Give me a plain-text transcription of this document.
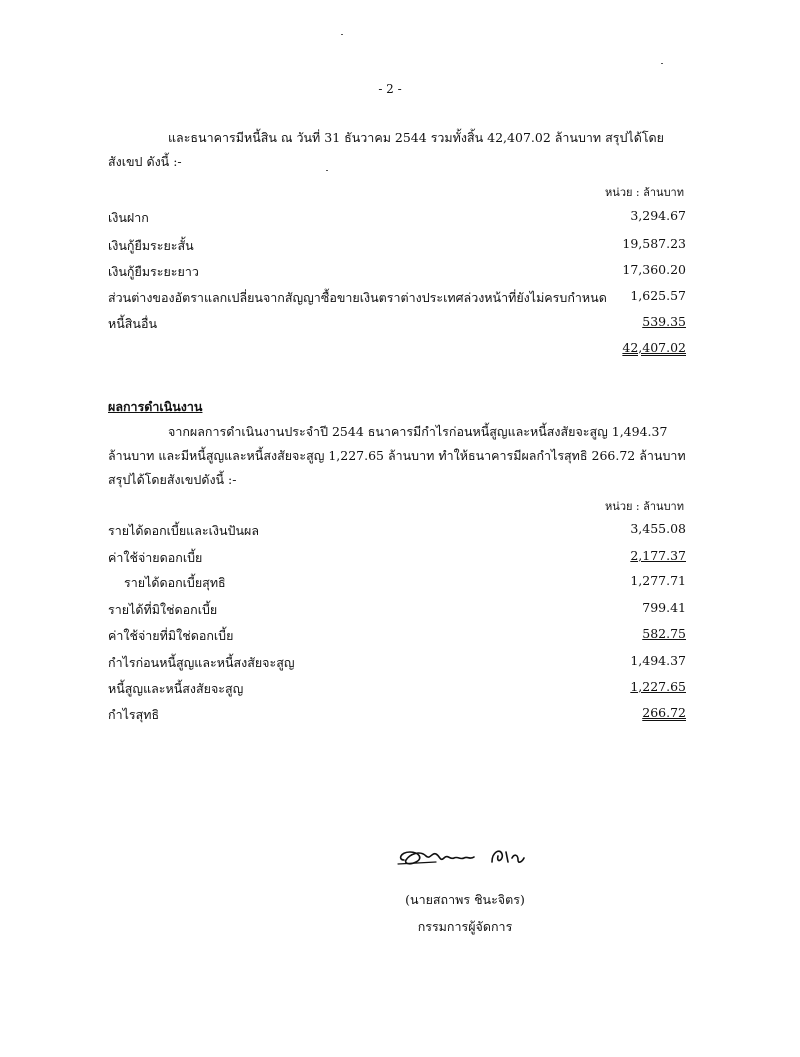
- 2 -
และธนาคารมีหนี้สิน ณ วันที่ 31 ธันวาคม 2544 รวมทั้งสิ้น 42,407.02 ล้านบาท สรุปได้โดยสังเขป ดังนี้ :-
หน่วย : ล้านบาท
เงินฝาก	3,294.67
เงินกู้ยืมระยะสั้น	19,587.23
เงินกู้ยืมระยะยาว	17,360.20
ส่วนต่างของอัตราแลกเปลี่ยนจากสัญญาซื้อขายเงินตราต่างประเทศล่วงหน้าที่ยังไม่ครบกำหนด 1,625.57
หนี้สินอื่น	539.35
42,407.02
ผลการดำเนินงาน
จากผลการดำเนินงานประจำปี 2544 ธนาคารมีกำไรก่อนหนี้สูญและหนี้สงสัยจะสูญ 1,494.37 ล้านบาท และมีหนี้สูญและหนี้สงสัยจะสูญ 1,227.65 ล้านบาท ทำให้ธนาคารมีผลกำไรสุทธิ 266.72 ล้านบาท สรุปได้โดยสังเขปดังนี้ :-
หน่วย : ล้านบาท
รายได้ดอกเบี้ยและเงินปันผล	3,455.08
ค่าใช้จ่ายดอกเบี้ย	2,177.37
รายได้ดอกเบี้ยสุทธิ	1,277.71
รายได้ที่มิใช่ดอกเบี้ย	799.41
ค่าใช้จ่ายที่มิใช่ดอกเบี้ย	582.75
กำไรก่อนหนี้สูญและหนี้สงสัยจะสูญ	1,494.37
หนี้สูญและหนี้สงสัยจะสูญ	1,227.65
กำไรสุทธิ	266.72
(นายสถาพร ชินะจิตร)
กรรมการผู้จัดการ
